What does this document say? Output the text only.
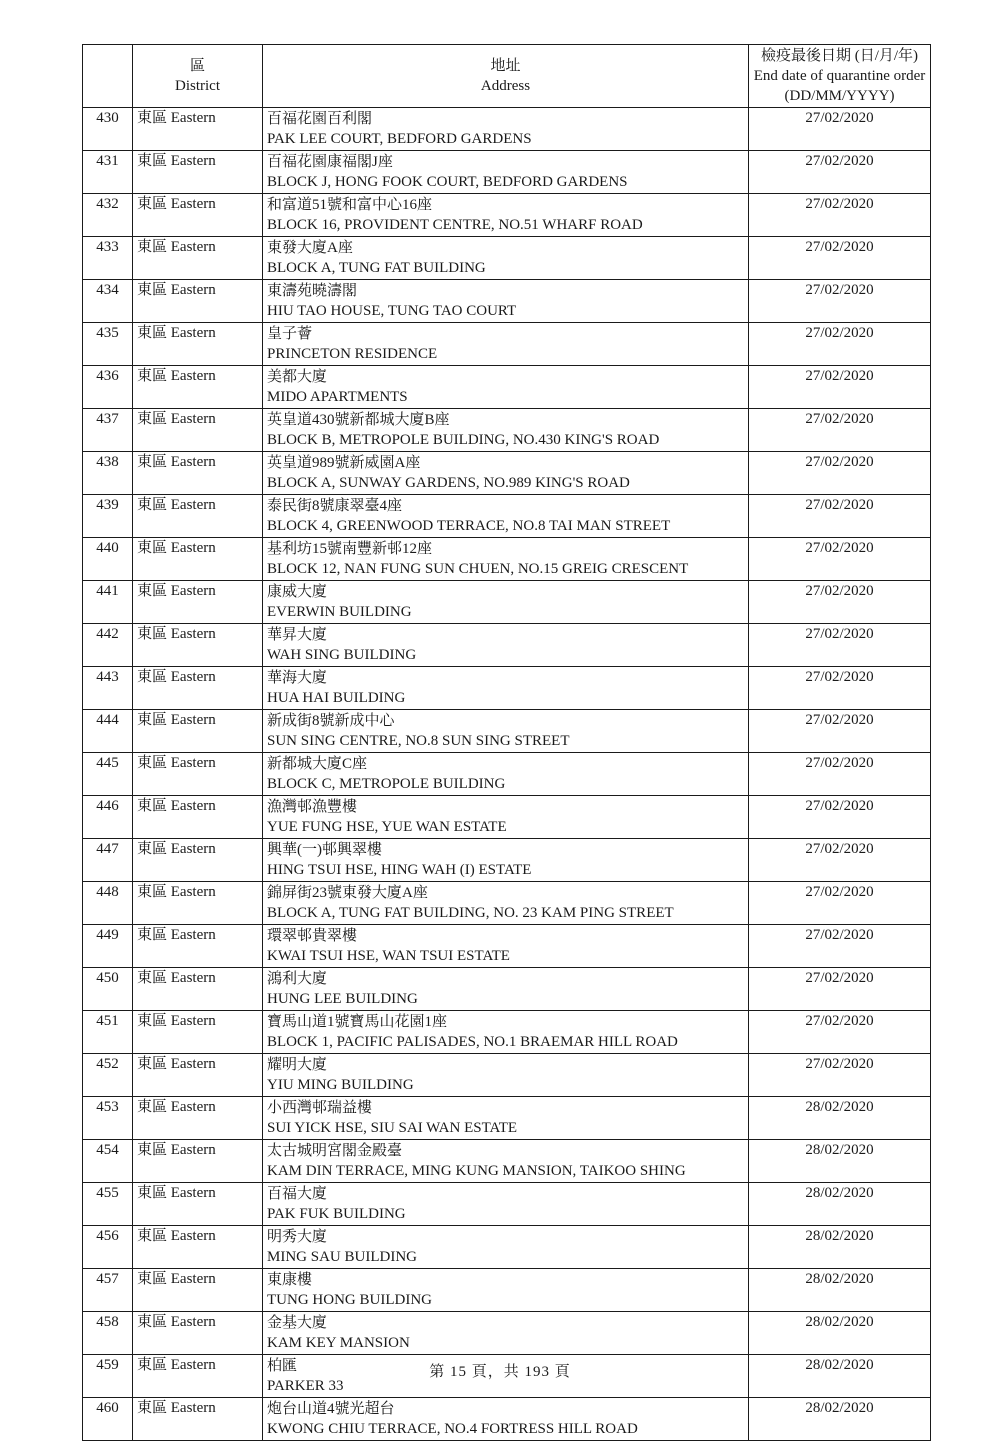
區
District

地址
Address

檢疫最後日期 (日/月/年)
End date of quarantine order
(DD/MM/YYYY)

430	東區 Eastern	百福花園百利閣
PAK LEE COURT, BEDFORD GARDENS	27/02/2020
431	東區 Eastern	百福花園康福閣J座
BLOCK J, HONG FOOK COURT, BEDFORD GARDENS	27/02/2020
432	東區 Eastern	和富道51號和富中心16座
BLOCK 16, PROVIDENT CENTRE, NO.51 WHARF ROAD	27/02/2020
433	東區 Eastern	東發大廈A座
BLOCK A, TUNG FAT BUILDING	27/02/2020
434	東區 Eastern	東濤苑曉濤閣
HIU TAO HOUSE, TUNG TAO COURT	27/02/2020
435	東區 Eastern	皇子薈
PRINCETON RESIDENCE	27/02/2020
436	東區 Eastern	美都大廈
MIDO APARTMENTS	27/02/2020
437	東區 Eastern	英皇道430號新都城大廈B座
BLOCK B, METROPOLE BUILDING, NO.430 KING'S ROAD	27/02/2020
438	東區 Eastern	英皇道989號新威園A座
BLOCK A, SUNWAY GARDENS, NO.989 KING'S ROAD	27/02/2020
439	東區 Eastern	泰民街8號康翠臺4座
BLOCK 4, GREENWOOD TERRACE, NO.8 TAI MAN STREET	27/02/2020
440	東區 Eastern	基利坊15號南豐新邨12座
BLOCK 12, NAN FUNG SUN CHUEN, NO.15 GREIG CRESCENT	27/02/2020
441	東區 Eastern	康威大廈
EVERWIN BUILDING	27/02/2020
442	東區 Eastern	華昇大廈
WAH SING BUILDING	27/02/2020
443	東區 Eastern	華海大廈
HUA HAI BUILDING	27/02/2020
444	東區 Eastern	新成街8號新成中心
SUN SING CENTRE, NO.8 SUN SING STREET	27/02/2020
445	東區 Eastern	新都城大廈C座
BLOCK C, METROPOLE BUILDING	27/02/2020
446	東區 Eastern	漁灣邨漁豐樓
YUE FUNG HSE, YUE WAN ESTATE	27/02/2020
447	東區 Eastern	興華(一)邨興翠樓
HING TSUI HSE, HING WAH (I) ESTATE	27/02/2020
448	東區 Eastern	錦屏街23號東發大廈A座
BLOCK A, TUNG FAT BUILDING, NO. 23 KAM PING STREET	27/02/2020
449	東區 Eastern	環翠邨貴翠樓
KWAI TSUI HSE, WAN TSUI ESTATE	27/02/2020
450	東區 Eastern	鴻利大廈
HUNG LEE BUILDING	27/02/2020
451	東區 Eastern	寶馬山道1號寶馬山花園1座
BLOCK 1, PACIFIC PALISADES, NO.1 BRAEMAR HILL ROAD	27/02/2020
452	東區 Eastern	耀明大廈
YIU MING BUILDING	27/02/2020
453	東區 Eastern	小西灣邨瑞益樓
SUI YICK HSE, SIU SAI WAN ESTATE	28/02/2020
454	東區 Eastern	太古城明宮閣金殿臺
KAM DIN TERRACE, MING KUNG MANSION, TAIKOO SHING	28/02/2020
455	東區 Eastern	百福大廈
PAK FUK BUILDING	28/02/2020
456	東區 Eastern	明秀大廈
MING SAU BUILDING	28/02/2020
457	東區 Eastern	東康樓
TUNG HONG BUILDING	28/02/2020
458	東區 Eastern	金基大廈
KAM KEY MANSION	28/02/2020
459	東區 Eastern	柏匯
PARKER 33	28/02/2020
460	東區 Eastern	炮台山道4號光超台
KWONG CHIU TERRACE, NO.4 FORTRESS HILL ROAD	28/02/2020
第 15 頁，共 193 頁
